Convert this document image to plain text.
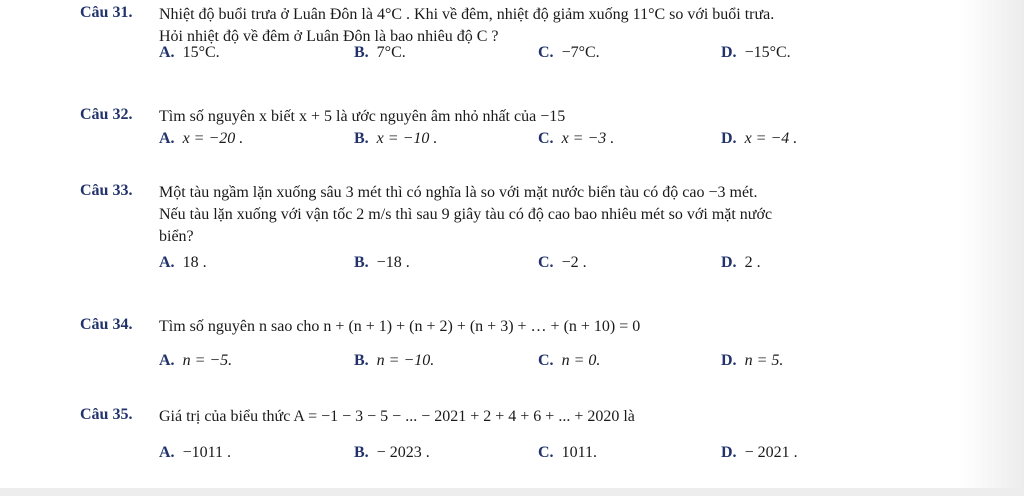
Câu 31. Nhiệt độ buổi trưa ở Luân Đôn là 4°C . Khi về đêm, nhiệt độ giảm xuống 11°C so với buổi trưa.
Hỏi nhiệt độ về đêm ở Luân Đôn là bao nhiêu độ C ?
A. 15°C.	B. 7°C.	C. −7°C.	D. −15°C.
Câu 32. Tìm số nguyên x biết x + 5 là ước nguyên âm nhỏ nhất của −15
A. x = −20 .	B. x = −10 .	C. x = −3 .	D. x = −4 .
Câu 33. Một tàu ngầm lặn xuống sâu 3 mét thì có nghĩa là so với mặt nước biển tàu có độ cao −3 mét.
Nếu tàu lặn xuống với vận tốc 2 m/s thì sau 9 giây tàu có độ cao bao nhiêu mét so với mặt nước
biển?
A. 18 .	B. −18 .	C. −2 .	D. 2 .
Câu 34. Tìm số nguyên n sao cho n + (n + 1) + (n + 2) + (n + 3) + … + (n + 10) = 0
A. n = −5.	B. n = −10.	C. n = 0.	D. n = 5.
Câu 35. Giá trị của biểu thức A = −1 − 3 − 5 − ... − 2021 + 2 + 4 + 6 + ... + 2020 là
A. −1011 .	B. − 2023 .	C. 1011.	D. − 2021 .
